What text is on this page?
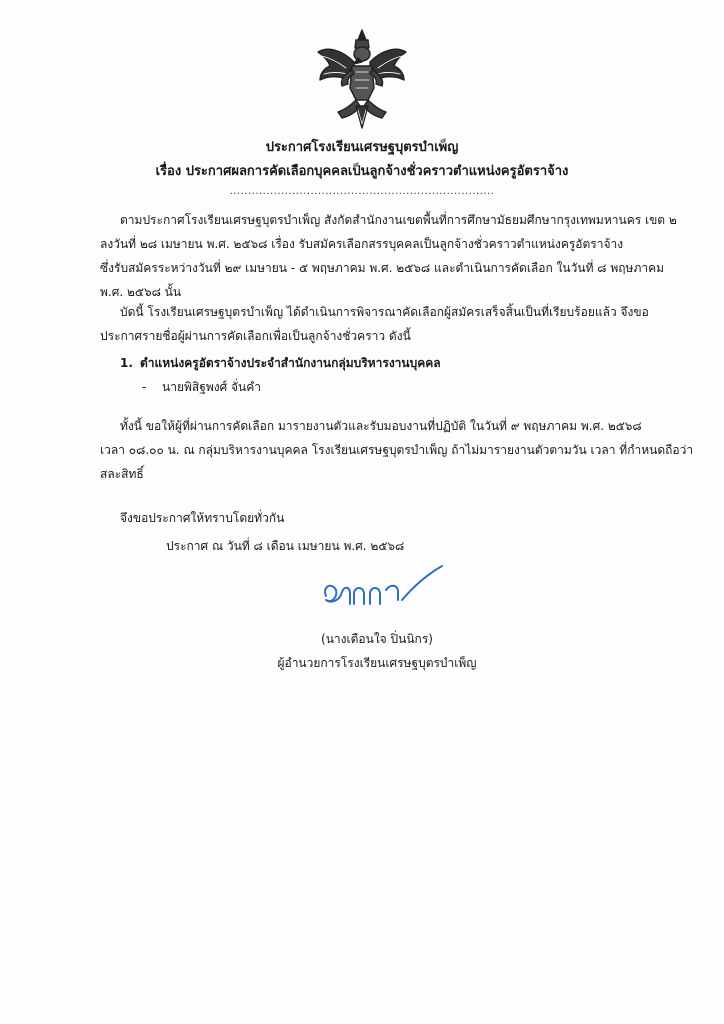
ประกาศโรงเรียนเศรษฐบุตรบำเพ็ญ
เรื่อง ประกาศผลการคัดเลือกบุคคลเป็นลูกจ้างชั่วคราวตำแหน่งครูอัตราจ้าง
........................................................................
ตามประกาศโรงเรียนเศรษฐบุตรบำเพ็ญ สังกัดสำนักงานเขตพื้นที่การศึกษามัธยมศึกษากรุงเทพมหานคร เขต ๒
ลงวันที่ ๒๘ เมษายน พ.ศ. ๒๕๖๘ เรื่อง รับสมัครเลือกสรรบุคคลเป็นลูกจ้างชั่วคราวตำแหน่งครูอัตราจ้าง
ซึ่งรับสมัครระหว่างวันที่ ๒๙ เมษายน - ๕ พฤษภาคม พ.ศ. ๒๕๖๘ และดำเนินการคัดเลือก ในวันที่ ๘ พฤษภาคม
พ.ศ. ๒๕๖๘ นั้น
บัดนี้ โรงเรียนเศรษฐบุตรบำเพ็ญ ได้ดำเนินการพิจารณาคัดเลือกผู้สมัครเสร็จสิ้นเป็นที่เรียบร้อยแล้ว จึงขอ
ประกาศรายชื่อผู้ผ่านการคัดเลือกเพื่อเป็นลูกจ้างชั่วคราว ดังนี้
1. ตำแหน่งครูอัตราจ้างประจำสำนักงานกลุ่มบริหารงานบุคคล
- นายพิสิฐพงศ์ จั่นคำ
ทั้งนี้ ขอให้ผู้ที่ผ่านการคัดเลือก มารายงานตัวและรับมอบงานที่ปฏิบัติ ในวันที่ ๙ พฤษภาคม พ.ศ. ๒๕๖๘
เวลา ๐๘.๐๐ น. ณ กลุ่มบริหารงานบุคคล โรงเรียนเศรษฐบุตรบำเพ็ญ ถ้าไม่มารายงานตัวตามวัน เวลา ที่กำหนดถือว่า
สละสิทธิ์
จึงขอประกาศให้ทราบโดยทั่วกัน
ประกาศ ณ วันที่ ๘ เดือน เมษายน พ.ศ. ๒๕๖๘
(นางเตือนใจ ปิ่นนิกร)
ผู้อำนวยการโรงเรียนเศรษฐบุตรบำเพ็ญ
